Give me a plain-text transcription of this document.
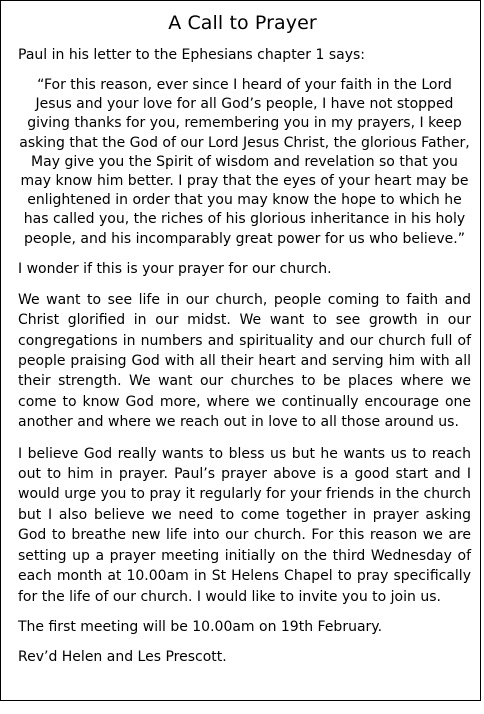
A Call to Prayer

Paul in his letter to the Ephesians chapter 1 says:

“For this reason, ever since I heard of your faith in the Lord Jesus and your love for all God’s people, I have not stopped giving thanks for you, remembering you in my prayers, I keep asking that the God of our Lord Jesus Christ, the glorious Father, May give you the Spirit of wisdom and revelation so that you may know him better. I pray that the eyes of your heart may be enlightened in order that you may know the hope to which he has called you, the riches of his glorious inheritance in his holy people, and his incomparably great power for us who believe.”

I wonder if this is your prayer for our church.

We want to see life in our church, people coming to faith and Christ glorified in our midst. We want to see growth in our congregations in numbers and spirituality and our church full of people praising God with all their heart and serving him with all their strength. We want our churches to be places where we come to know God more, where we continually encourage one another and where we reach out in love to all those around us.

I believe God really wants to bless us but he wants us to reach out to him in prayer. Paul’s prayer above is a good start and I would urge you to pray it regularly for your friends in the church but I also believe we need to come together in prayer asking God to breathe new life into our church. For this reason we are setting up a prayer meeting initially on the third Wednesday of each month at 10.00am in St Helens Chapel to pray specifically for the life of our church. I would like to invite you to join us.

The first meeting will be 10.00am on 19th February.

Rev’d Helen and Les Prescott.
